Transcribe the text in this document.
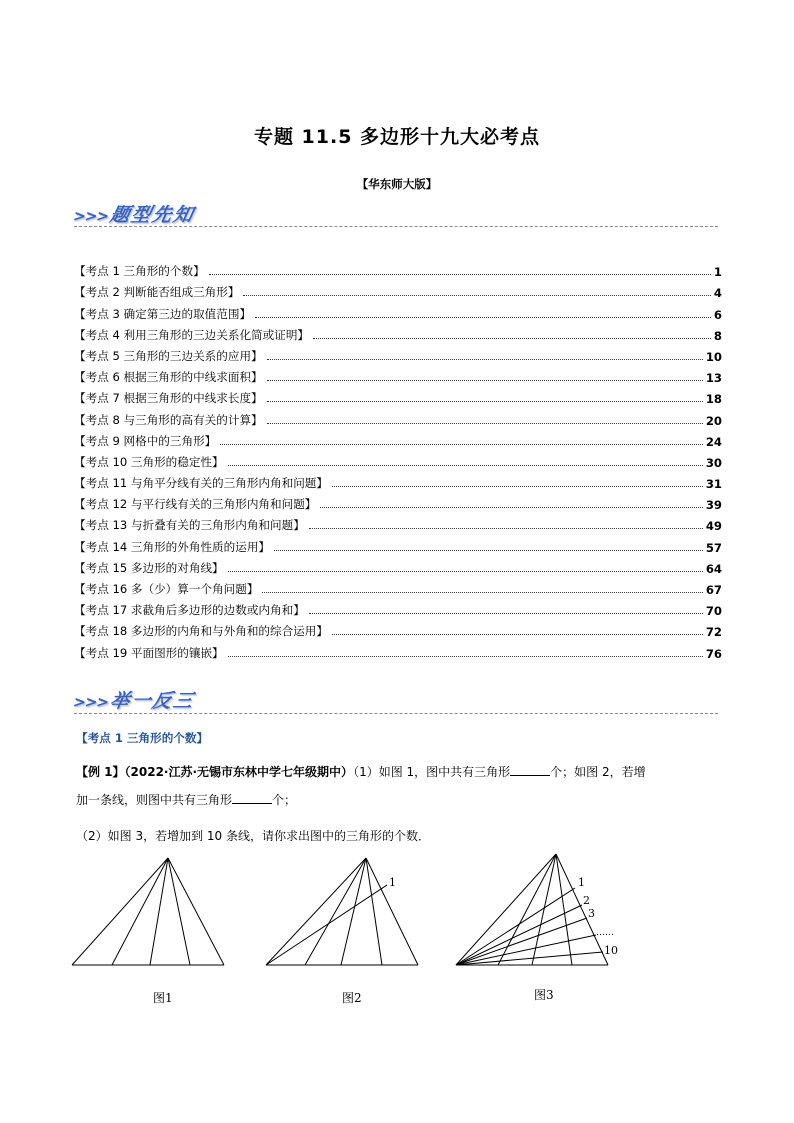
专题 11.5 多边形十九大必考点
【华东师大版】
>>>题型先知
【考点 1 三角形的个数】	1
【考点 2 判断能否组成三角形】	4
【考点 3 确定第三边的取值范围】	6
【考点 4 利用三角形的三边关系化简或证明】	8
【考点 5 三角形的三边关系的应用】	10
【考点 6 根据三角形的中线求面积】	13
【考点 7 根据三角形的中线求长度】	18
【考点 8 与三角形的高有关的计算】	20
【考点 9 网格中的三角形】	24
【考点 10 三角形的稳定性】	30
【考点 11 与角平分线有关的三角形内角和问题】	31
【考点 12 与平行线有关的三角形内角和问题】	39
【考点 13 与折叠有关的三角形内角和问题】	49
【考点 14 三角形的外角性质的运用】	57
【考点 15 多边形的对角线】	64
【考点 16 多（少）算一个角问题】	67
【考点 17 求截角后多边形的边数或内角和】	70
【考点 18 多边形的内角和与外角和的综合运用】	72
【考点 19 平面图形的镶嵌】	76
>>>举一反三
【考点 1 三角形的个数】
【例 1】（2022·江苏·无锡市东林中学七年级期中）（1）如图 1，图中共有三角形	个；如图 2，若增
加一条线，则图中共有三角形	个；
（2）如图 3，若增加到 10 条线，请你求出图中的三角形的个数．
图1
1
图2
1
2
3
……
10
图3
